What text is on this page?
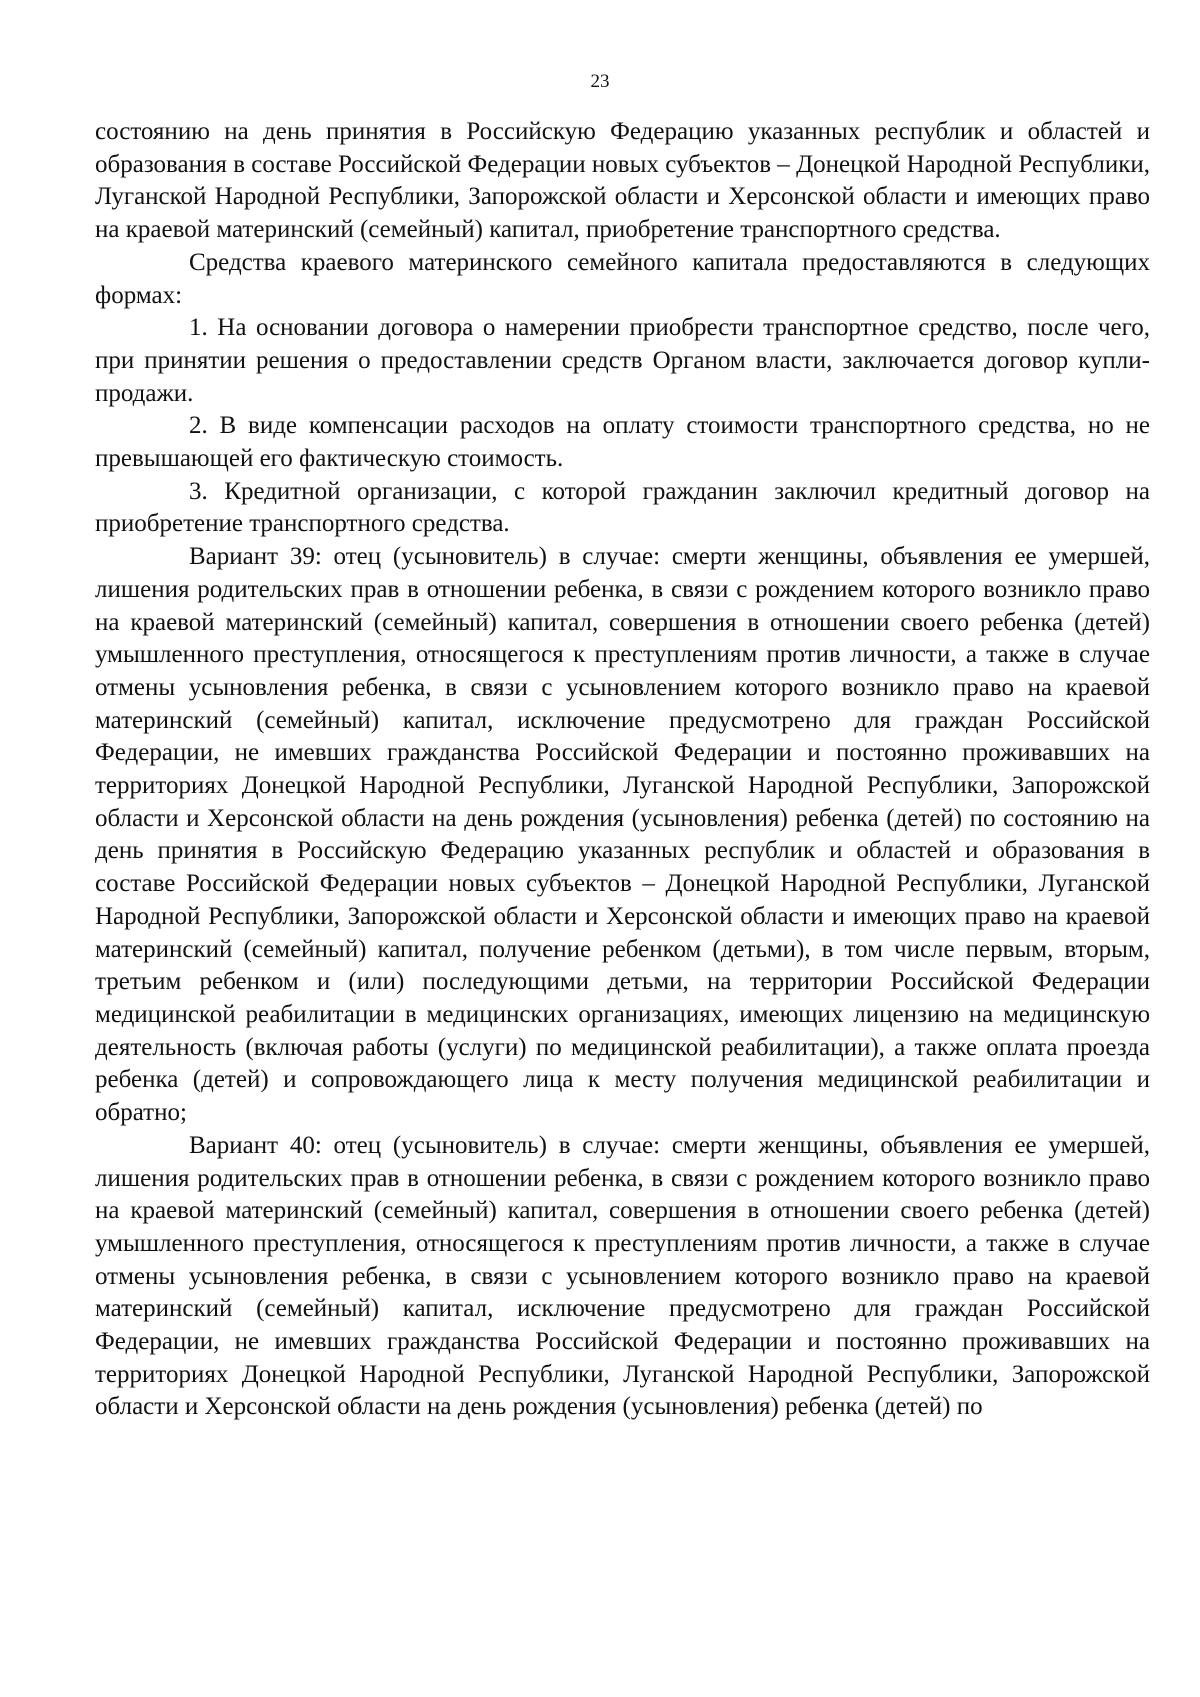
23

состоянию на день принятия в Российскую Федерацию указанных республик и областей и образования в составе Российской Федерации новых субъектов – Донецкой Народной Республики, Луганской Народной Республики, Запорожской области и Херсонской области и имеющих право на краевой материнский (семейный) капитал, приобретение транспортного средства.

Средства краевого материнского семейного капитала предоставляются в следующих формах:

1. На основании договора о намерении приобрести транспортное средство, после чего, при принятии решения о предоставлении средств Органом власти, заключается договор купли-продажи.

2. В виде компенсации расходов на оплату стоимости транспортного средства, но не превышающей его фактическую стоимость.

3. Кредитной организации, с которой гражданин заключил кредитный договор на приобретение транспортного средства.

Вариант 39: отец (усыновитель) в случае: смерти женщины, объявления ее умершей, лишения родительских прав в отношении ребенка, в связи с рождением которого возникло право на краевой материнский (семейный) капитал, совершения в отношении своего ребенка (детей) умышленного преступления, относящегося к преступлениям против личности, а также в случае отмены усыновления ребенка, в связи с усыновлением которого возникло право на краевой материнский (семейный) капитал, исключение предусмотрено для граждан Российской Федерации, не имевших гражданства Российской Федерации и постоянно проживавших на территориях Донецкой Народной Республики, Луганской Народной Республики, Запорожской области и Херсонской области на день рождения (усыновления) ребенка (детей) по состоянию на день принятия в Российскую Федерацию указанных республик и областей и образования в составе Российской Федерации новых субъектов – Донецкой Народной Республики, Луганской Народной Республики, Запорожской области и Херсонской области и имеющих право на краевой материнский (семейный) капитал, получение ребенком (детьми), в том числе первым, вторым, третьим ребенком и (или) последующими детьми, на территории Российской Федерации медицинской реабилитации в медицинских организациях, имеющих лицензию на медицинскую деятельность (включая работы (услуги) по медицинской реабилитации), а также оплата проезда ребенка (детей) и сопровождающего лица к месту получения медицинской реабилитации и обратно;

Вариант 40: отец (усыновитель) в случае: смерти женщины, объявления ее умершей, лишения родительских прав в отношении ребенка, в связи с рождением которого возникло право на краевой материнский (семейный) капитал, совершения в отношении своего ребенка (детей) умышленного преступления, относящегося к преступлениям против личности, а также в случае отмены усыновления ребенка, в связи с усыновлением которого возникло право на краевой материнский (семейный) капитал, исключение предусмотрено для граждан Российской Федерации, не имевших гражданства Российской Федерации и постоянно проживавших на территориях Донецкой Народной Республики, Луганской Народной Республики, Запорожской области и Херсонской области на день рождения (усыновления) ребенка (детей) по
